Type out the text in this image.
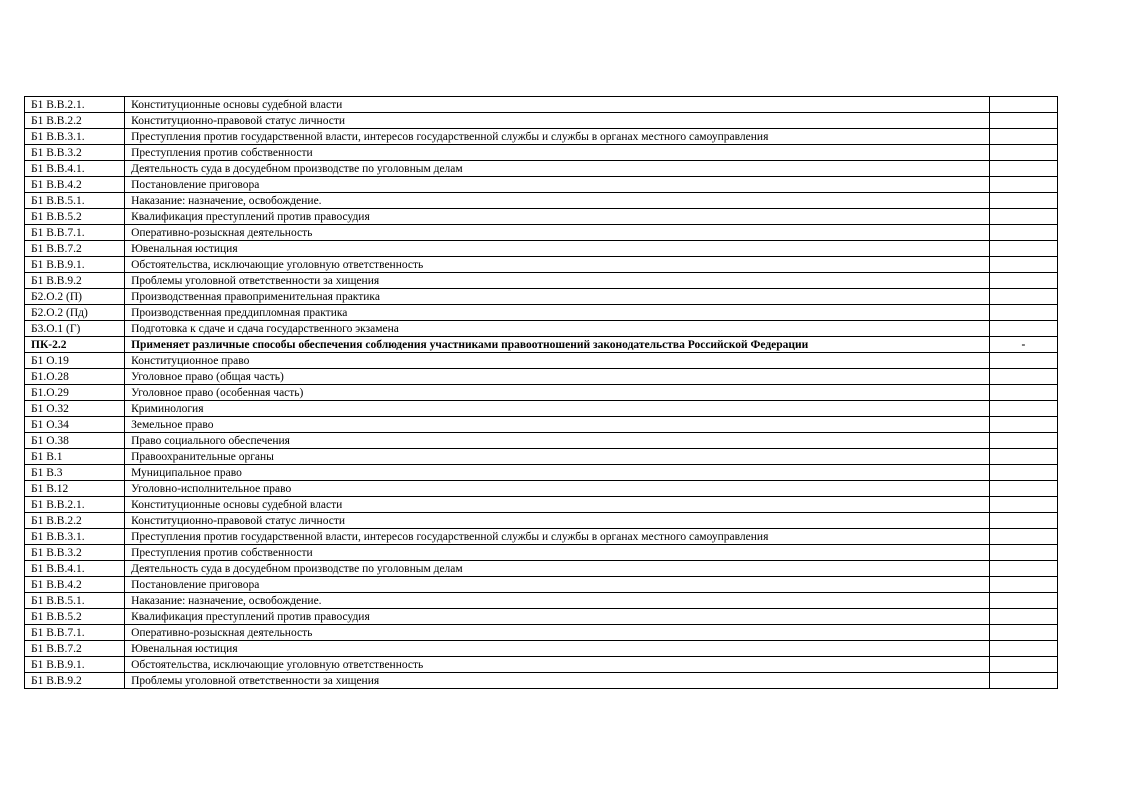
Б1 В.В.2.1.	Конституционные основы судебной власти	
Б1 В.В.2.2	Конституционно-правовой статус личности	
Б1 В.В.3.1.	Преступления против государственной власти, интересов государственной службы и службы в органах местного самоуправления	
Б1 В.В.3.2	Преступления против собственности	
Б1 В.В.4.1.	Деятельность суда в досудебном производстве по уголовным делам	
Б1 В.В.4.2	Постановление приговора	
Б1 В.В.5.1.	Наказание: назначение, освобождение.	
Б1 В.В.5.2	Квалификация преступлений против правосудия	
Б1 В.В.7.1.	Оперативно-розыскная деятельность	
Б1 В.В.7.2	Ювенальная юстиция	
Б1 В.В.9.1.	Обстоятельства, исключающие уголовную ответственность	
Б1 В.В.9.2	Проблемы уголовной ответственности за хищения	
Б2.О.2 (П)	Производственная правоприменительная практика	
Б2.О.2 (Пд)	Производственная преддипломная практика	
Б3.О.1 (Г)	Подготовка к сдаче и сдача государственного экзамена	
ПК-2.2	Применяет различные способы обеспечения соблюдения участниками правоотношений законодательства Российской Федерации	-
Б1 О.19	Конституционное право	
Б1.О.28	Уголовное право (общая часть)	
Б1.О.29	Уголовное право (особенная часть)	
Б1 О.32	Криминология	
Б1 О.34	Земельное право	
Б1 О.38	Право социального обеспечения	
Б1 В.1	Правоохранительные органы	
Б1 В.3	Муниципальное право	
Б1 В.12	Уголовно-исполнительное право	
Б1 В.В.2.1.	Конституционные основы судебной власти	
Б1 В.В.2.2	Конституционно-правовой статус личности	
Б1 В.В.3.1.	Преступления против государственной власти, интересов государственной службы и службы в органах местного самоуправления	
Б1 В.В.3.2	Преступления против собственности	
Б1 В.В.4.1.	Деятельность суда в досудебном производстве по уголовным делам	
Б1 В.В.4.2	Постановление приговора	
Б1 В.В.5.1.	Наказание: назначение, освобождение.	
Б1 В.В.5.2	Квалификация преступлений против правосудия	
Б1 В.В.7.1.	Оперативно-розыскная деятельность	
Б1 В.В.7.2	Ювенальная юстиция	
Б1 В.В.9.1.	Обстоятельства, исключающие уголовную ответственность	
Б1 В.В.9.2	Проблемы уголовной ответственности за хищения	
